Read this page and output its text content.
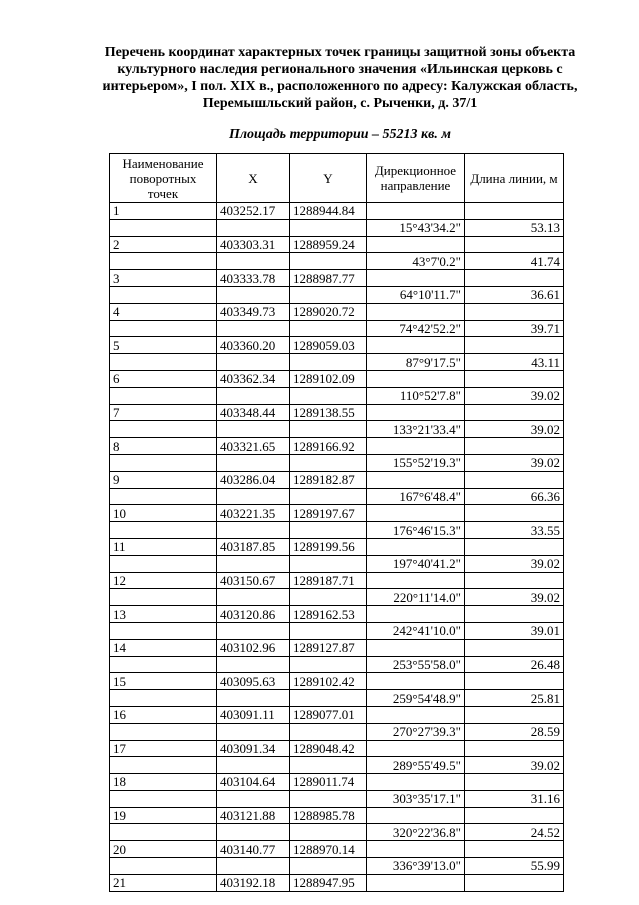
Перечень координат характерных точек границы защитной зоны объекта культурного наследия регионального значения «Ильинская церковь с интерьером», I пол. XIX в., расположенного по адресу: Калужская область, Перемышльский район, с. Рыченки, д. 37/1
Площадь территории – 55213 кв. м
Наименование поворотных точек	X	Y	Дирекционное направление	Длина линии, м
1	403252.17	1288944.84		
			15°43'34.2"	53.13
2	403303.31	1288959.24		
			43°7'0.2"	41.74
3	403333.78	1288987.77		
			64°10'11.7"	36.61
4	403349.73	1289020.72		
			74°42'52.2"	39.71
5	403360.20	1289059.03		
			87°9'17.5"	43.11
6	403362.34	1289102.09		
			110°52'7.8"	39.02
7	403348.44	1289138.55		
			133°21'33.4"	39.02
8	403321.65	1289166.92		
			155°52'19.3"	39.02
9	403286.04	1289182.87		
			167°6'48.4"	66.36
10	403221.35	1289197.67		
			176°46'15.3"	33.55
11	403187.85	1289199.56		
			197°40'41.2"	39.02
12	403150.67	1289187.71		
			220°11'14.0"	39.02
13	403120.86	1289162.53		
			242°41'10.0"	39.01
14	403102.96	1289127.87		
			253°55'58.0"	26.48
15	403095.63	1289102.42		
			259°54'48.9"	25.81
16	403091.11	1289077.01		
			270°27'39.3"	28.59
17	403091.34	1289048.42		
			289°55'49.5"	39.02
18	403104.64	1289011.74		
			303°35'17.1"	31.16
19	403121.88	1288985.78		
			320°22'36.8"	24.52
20	403140.77	1288970.14		
			336°39'13.0"	55.99
21	403192.18	1288947.95		
